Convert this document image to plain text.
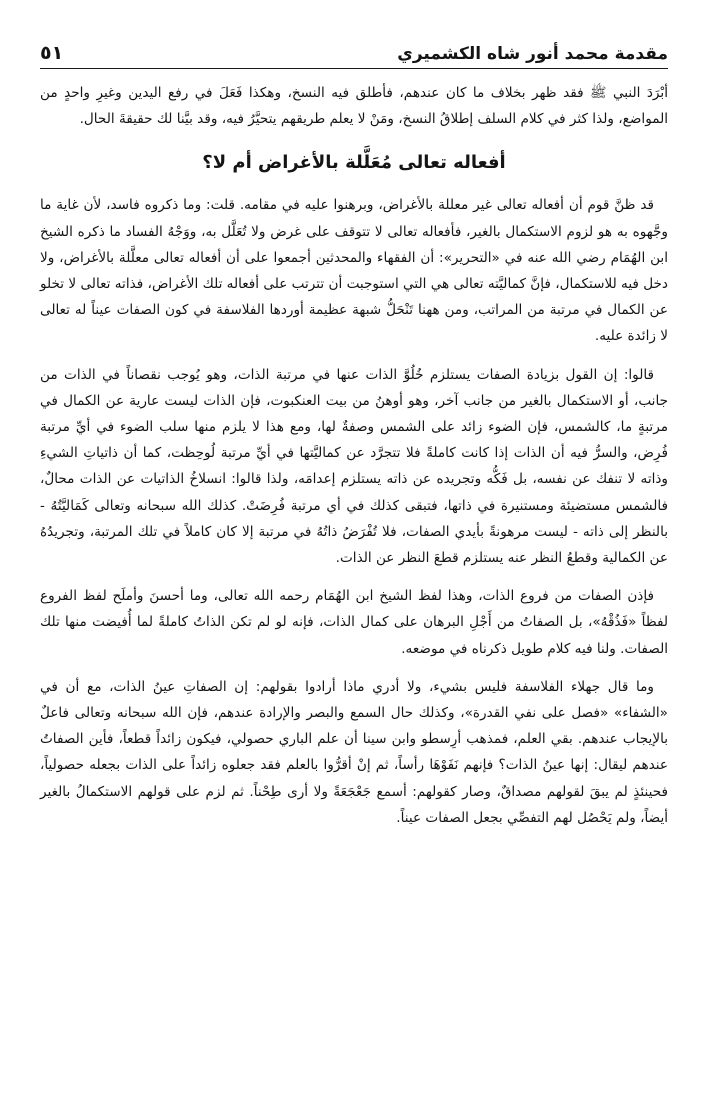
مقدمة محمد أنور شاه الكشميري
٥١

أبْرَدَ النبي ﷺ فقد ظهر بخلاف ما كان عندهم، فأطلق فيه النسخ، وهكذا فَعَلَ في رفع اليدين وغيرِ واحدٍ من المواضع، ولذا كثر في كلام السلف إطلاقُ النسخ، ومَنْ لا يعلم طريقهم يتحيَّرُ فيه، وقد بيَّنا لك حقيقةَ الحال.

أفعاله تعالى مُعَلَّلة بالأغراض أم لا؟

قد ظنَّ قوم أن أفعاله تعالى غير معللة بالأغراض، وبرهنوا عليه في مقامه. قلت: وما ذكروه فاسد، لأن غاية ما وجَّهوه به هو لزوم الاستكمال بالغير، فأفعاله تعالى لا تتوقف على غرض ولا تُعَلَّل به، ووَجْهُ الفساد ما ذكره الشيخ ابن الهُمَام رضي الله عنه في «التحرير»: أن الفقهاء والمحدثين أجمعوا على أن أفعاله تعالى معلَّلة بالأغراض، ولا دخل فيه للاستكمال، فإنَّ كماليَّته تعالى هي التي استوجبت أن تترتب على أفعاله تلك الأغراض، فذاته تعالى لا تخلو عن الكمال في مرتبة من المراتب، ومن ههنا تَنْحَلُّ شبهة عظيمة أوردها الفلاسفة في كون الصفات عيناً له تعالى لا زائدة عليه.

قالوا: إن القول بزيادة الصفات يستلزم خُلُوَّ الذات عنها في مرتبة الذات، وهو يُوجب نقصاناً في الذات من جانب، أو الاستكمال بالغير من جانب آخر، وهو أوهنُ من بيت العنكبوت، فإن الذات ليست عارية عن الكمال في مرتبةٍ ما، كالشمس، فإن الضوء زائد على الشمس وصفةٌ لها، ومع هذا لا يلزم منها سلب الضوء في أيِّ مرتبة فُرِض، والسرُّ فيه أن الذات إذا كانت كاملةً فلا تتجرَّد عن كماليَّتها في أيِّ مرتبة لُوحِظت، كما أن ذاتياتِ الشيءِ وذاته لا تنفك عن نفسه، بل فَكُّه وتجريده عن ذاته يستلزم إعدامَه، ولذا قالوا: انسلاخُ الذاتيات عن الذات محالٌ، فالشمس مستضيئة ومستنيرة في ذاتها، فتبقى كذلك في أي مرتبة فُرِضَتْ. كذلك الله سبحانه وتعالى كَمَاليَّتُهُ - بالنظر إلى ذاته - ليست مرهونةً بأيدي الصفات، فلا تُفْرَضُ ذاتُهُ في مرتبة إلا كان كاملاً في تلك المرتبة، وتجريدُهُ عن الكمالية وقطعُ النظر عنه يستلزم قطعَ النظر عن الذات.

فإذن الصفات من فروع الذات، وهذا لفظ الشيخ ابن الهُمَام رحمه الله تعالى، وما أحسنَ وأملَح لفظ الفروع لفظاً «فَذُقْهُ»، بل الصفاتُ من أَجْلِ البرهان على كمال الذات، فإنه لو لم تكن الذاتُ كاملةً لما أُفيضت منها تلك الصفات. ولنا فيه كلام طويل ذكرناه في موضعه.

وما قال جهلاء الفلاسفة فليس بشيء، ولا أدري ماذا أرادوا بقولهم: إن الصفاتِ عينُ الذات، مع أن في «الشفاء» «فصل على نفي القدرة»، وكذلك حال السمع والبصر والإرادة عندهم، فإن الله سبحانه وتعالى فاعلٌ بالإيجاب عندهم. بقي العلم، فمذهب أرِسطو وابن سينا أن علم الباري حصولي، فيكون زائداً قطعاً، فأين الصفاتُ عندهم ليقال: إنها عينُ الذات؟ فإنهم نَفَوْهَا رأساً، ثم إنْ أقرُّوا بالعلم فقد جعلوه زائداً على الذات بجعله حصولياً، فحينئذٍ لم يبقَ لقولهم مصداقٌ، وصار كقولهم: أسمع جَعْجَعَةً ولا أرى طِحْناً. ثم لزم على قولهم الاستكمالُ بالغير أيضاً، ولم يَحْصُل لهم التفصِّي بجعل الصفات عيناً.
